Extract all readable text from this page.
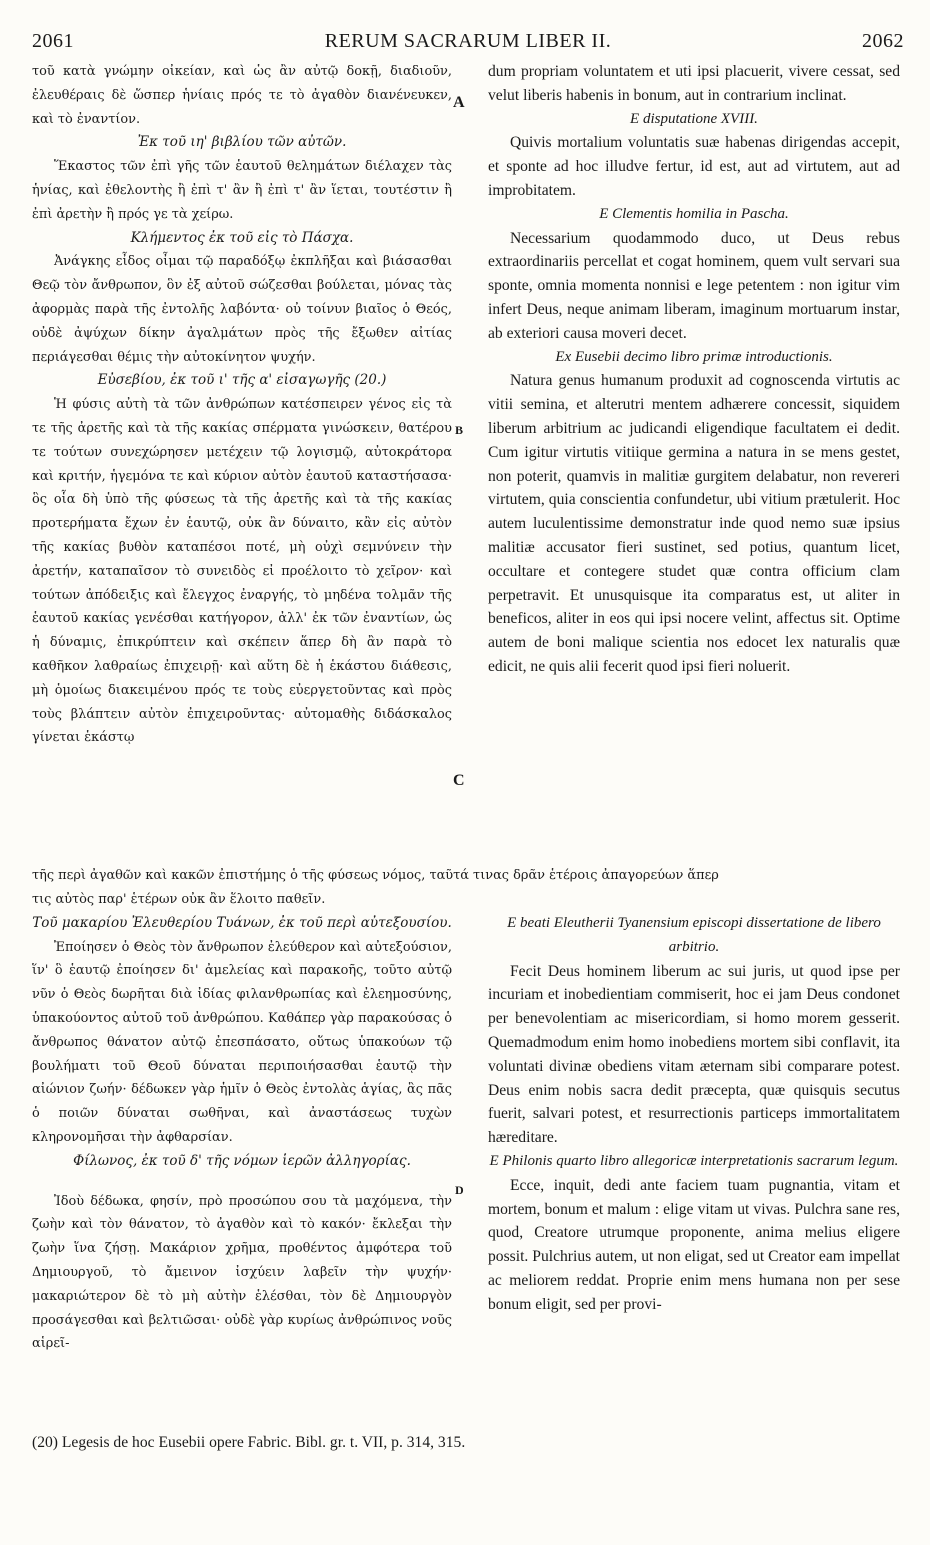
2061	RERUM SACRARUM LIBER II.	2062

τοῦ κατὰ γνώμην οἰκείαν, καὶ ὡς ἂν αὐτῷ δοκῇ, διαδιοῦν, ἐλευθέραις δὲ ὥσπερ ἡνίαις πρός τε τὸ ἀγαθὸν διανένευκεν, καὶ τὸ ἐναντίον.

Ἐκ τοῦ ιη' βιβλίου τῶν αὐτῶν.

Ἕκαστος τῶν ἐπὶ γῆς τῶν ἑαυτοῦ θελημάτων διέλαχεν τὰς ἡνίας, καὶ ἐθελοντὴς ἢ ἐπὶ τ' ἂν ἢ ἐπὶ τ' ἂν ἵεται, τουτέστιν ἢ ἐπὶ ἀρετὴν ἢ πρός γε τὰ χείρω.

Κλήμεντος ἐκ τοῦ εἰς τὸ Πάσχα.

Ἀνάγκης εἶδος οἶμαι τῷ παραδόξῳ ἐκπλῆξαι καὶ βιάσασθαι Θεῷ τὸν ἄνθρωπον, ὃν ἐξ αὐτοῦ σώζεσθαι βούλεται, μόνας τὰς ἀφορμὰς παρὰ τῆς ἐντολῆς λαβόντα· οὐ τοίνυν βιαῖος ὁ Θεός, οὐδὲ ἀψύχων δίκην ἀγαλμάτων πρὸς τῆς ἔξωθεν αἰτίας περιάγεσθαι θέμις τὴν αὐτοκίνητον ψυχήν.

Εὐσεβίου, ἐκ τοῦ ι' τῆς α' εἰσαγωγῆς (20.)

Ἡ φύσις αὐτὴ τὰ τῶν ἀνθρώπων κατέσπειρεν γένος εἰς τὰ τε τῆς ἀρετῆς καὶ τὰ τῆς κακίας σπέρματα γινώσκειν, θατέρου τε τούτων συνεχώρησεν μετέχειν τῷ λογισμῷ, αὐτοκράτορα καὶ κριτήν, ἡγεμόνα τε καὶ κύριον αὐτὸν ἑαυτοῦ καταστήσασα· ὃς οἷα δὴ ὑπὸ τῆς φύσεως τὰ τῆς ἀρετῆς καὶ τὰ τῆς κακίας προτερήματα ἔχων ἐν ἑαυτῷ, οὐκ ἂν δύναιτο, κἂν εἰς αὐτὸν τῆς κακίας βυθὸν καταπέσοι ποτέ, μὴ οὐχὶ σεμνύνειν τὴν ἀρετήν, καταπαῖσον τὸ συνειδὸς εἰ προέλοιτο τὸ χεῖρον· καὶ τούτων ἀπόδειξις καὶ ἔλεγχος ἐναργής, τὸ μηδένα τολμᾶν τῆς ἑαυτοῦ κακίας γενέσθαι κατήγορον, ἀλλ' ἐκ τῶν ἐναντίων, ὡς ἡ δύναμις, ἐπικρύπτειν καὶ σκέπειν ἅπερ δὴ ἂν παρὰ τὸ καθῆκον λαθραίως ἐπιχειρῇ· καὶ αὕτη δὲ ἡ ἑκάστου διάθεσις, μὴ ὁμοίως διακειμένου πρός τε τοὺς εὐεργετοῦντας καὶ πρὸς τοὺς βλάπτειν αὐτὸν ἐπιχειροῦντας· αὐτομαθὴς διδάσκαλος γίνεται ἑκάστῳ

dum propriam voluntatem et uti ipsi placuerit, vivere cessat, sed velut liberis habenis in bonum, aut in contrarium inclinat.

E disputatione XVIII.

Quivis mortalium voluntatis suæ habenas dirigendas accepit, et sponte ad hoc illudve fertur, id est, aut ad virtutem, aut ad improbitatem.

E Clementis homilia in Pascha.

Necessarium quodammodo duco, ut Deus rebus extraordinariis percellat et cogat hominem, quem vult servari sua sponte, omnia momenta nonnisi e lege petentem : non igitur vim infert Deus, neque animam liberam, imaginum mortuarum instar, ab exteriori causa moveri decet.

Ex Eusebii decimo libro primæ introductionis.

Natura genus humanum produxit ad cognoscenda virtutis ac vitii semina, et alterutri mentem adhærere concessit, siquidem liberum arbitrium ac judicandi eligendique facultatem ei dedit. Cum igitur virtutis vitiique germina a natura in se mens gestet, non poterit, quamvis in malitiæ gurgitem delabatur, non revereri virtutem, quia conscientia confundetur, ubi vitium prætulerit. Hoc autem luculentissime demonstratur inde quod nemo suæ ipsius malitiæ accusator fieri sustinet, sed potius, quantum licet, occultare et contegere studet quæ contra officium clam perpetravit. Et unusquisque ita comparatus est, ut aliter in beneficos, aliter in eos qui ipsi nocere velint, affectus sit. Optime autem de boni malique scientia nos edocet lex naturalis quæ edicit, ne quis alii fecerit quod ipsi fieri noluerit.

A
B
C
D
τῆς περὶ ἀγαθῶν καὶ κακῶν ἐπιστήμης ὁ τῆς φύσεως νόμος, ταῦτά τινας δρᾶν ἑτέροις ἀπαγορεύων ἅπερ

τις αὐτὸς παρ' ἑτέρων οὐκ ἂν ἕλοιτο παθεῖν.

Τοῦ μακαρίου Ἐλευθερίου Τυάνων, ἐκ τοῦ περὶ αὐτεξουσίου.

Ἐποίησεν ὁ Θεὸς τὸν ἄνθρωπον ἐλεύθερον καὶ αὐτεξούσιον, ἵν' ὃ ἑαυτῷ ἐποίησεν δι' ἀμελείας καὶ παρακοῆς, τοῦτο αὐτῷ νῦν ὁ Θεὸς δωρῆται διὰ ἰδίας φιλανθρωπίας καὶ ἐλεημοσύνης, ὑπακούοντος αὐτοῦ τοῦ ἀνθρώπου. Καθάπερ γὰρ παρακούσας ὁ ἄνθρωπος θάνατον αὐτῷ ἐπεσπάσατο, οὕτως ὑπακούων τῷ βουλήματι τοῦ Θεοῦ δύναται περιποιήσασθαι ἑαυτῷ τὴν αἰώνιον ζωήν· δέδωκεν γὰρ ἡμῖν ὁ Θεὸς ἐντολὰς ἁγίας, ἃς πᾶς ὁ ποιῶν δύναται σωθῆναι, καὶ ἀναστάσεως τυχὼν κληρονομῆσαι τὴν ἀφθαρσίαν.

Φίλωνος, ἐκ τοῦ δ' τῆς νόμων ἱερῶν ἀλληγορίας.

Ἰδοὺ δέδωκα, φησίν, πρὸ προσώπου σου τὰ μαχόμενα, τὴν ζωὴν καὶ τὸν θάνατον, τὸ ἀγαθὸν καὶ τὸ κακόν· ἔκλεξαι τὴν ζωὴν ἵνα ζήσῃ. Μακάριον χρῆμα, προθέντος ἀμφότερα τοῦ Δημιουργοῦ, τὸ ἄμεινον ἰσχύειν λαβεῖν τὴν ψυχήν· μακαριώτερον δὲ τὸ μὴ αὐτὴν ἑλέσθαι, τὸν δὲ Δημιουργὸν προσάγεσθαι καὶ βελτιῶσαι· οὐδὲ γὰρ κυρίως ἀνθρώπινος νοῦς αἱρεῖ-

E beati Eleutherii Tyanensium episcopi dissertatione de libero arbitrio.

Fecit Deus hominem liberum ac sui juris, ut quod ipse per incuriam et inobedientiam commiserit, hoc ei jam Deus condonet per benevolentiam ac misericordiam, si homo morem gesserit. Quemadmodum enim homo inobediens mortem sibi conflavit, ita voluntati divinæ obediens vitam æternam sibi comparare potest. Deus enim nobis sacra dedit præcepta, quæ quisquis secutus fuerit, salvari potest, et resurrectionis particeps immortalitatem hæreditare.

E Philonis quarto libro allegoricæ interpretationis sacrarum legum.

Ecce, inquit, dedi ante faciem tuam pugnantia, vitam et mortem, bonum et malum : elige vitam ut vivas. Pulchra sane res, quod, Creatore utrumque proponente, anima melius eligere possit. Pulchrius autem, ut non eligat, sed ut Creator eam impellat ac meliorem reddat. Proprie enim mens humana non per sese bonum eligit, sed per provi-

(20) Legesis de hoc Eusebii opere Fabric. Bibl. gr. t. VII, p. 314, 315.
